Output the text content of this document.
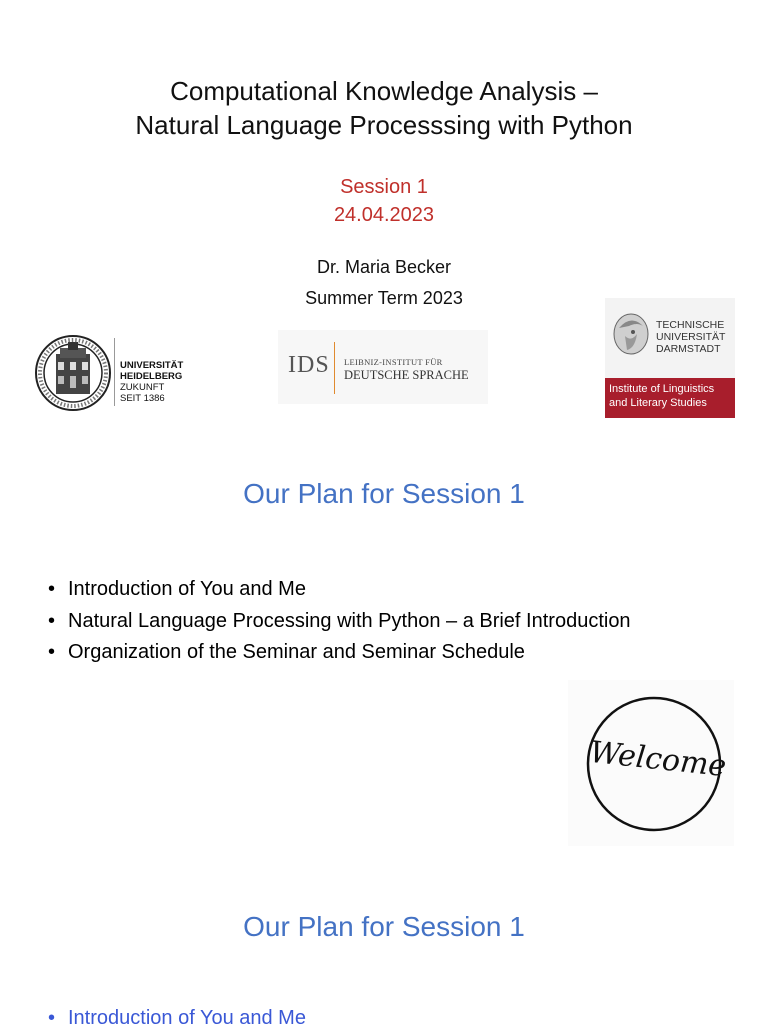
Computational Knowledge Analysis –
Natural Language Processsing with Python
Session 1
24.04.2023
Dr. Maria Becker
Summer Term 2023
UNIVERSITÄT
HEIDELBERG
ZUKUNFT
SEIT 1386
IDS LEIBNIZ-INSTITUT FÜR
DEUTSCHE SPRACHE
TECHNISCHE
UNIVERSITÄT
DARMSTADT
Institute of Linguistics
and Literary Studies
Our Plan for Session 1
• Introduction of You and Me
• Natural Language Processing with Python – a Brief Introduction
• Organization of the Seminar and Seminar Schedule
Welcome
Our Plan for Session 1
• Introduction of You and Me
